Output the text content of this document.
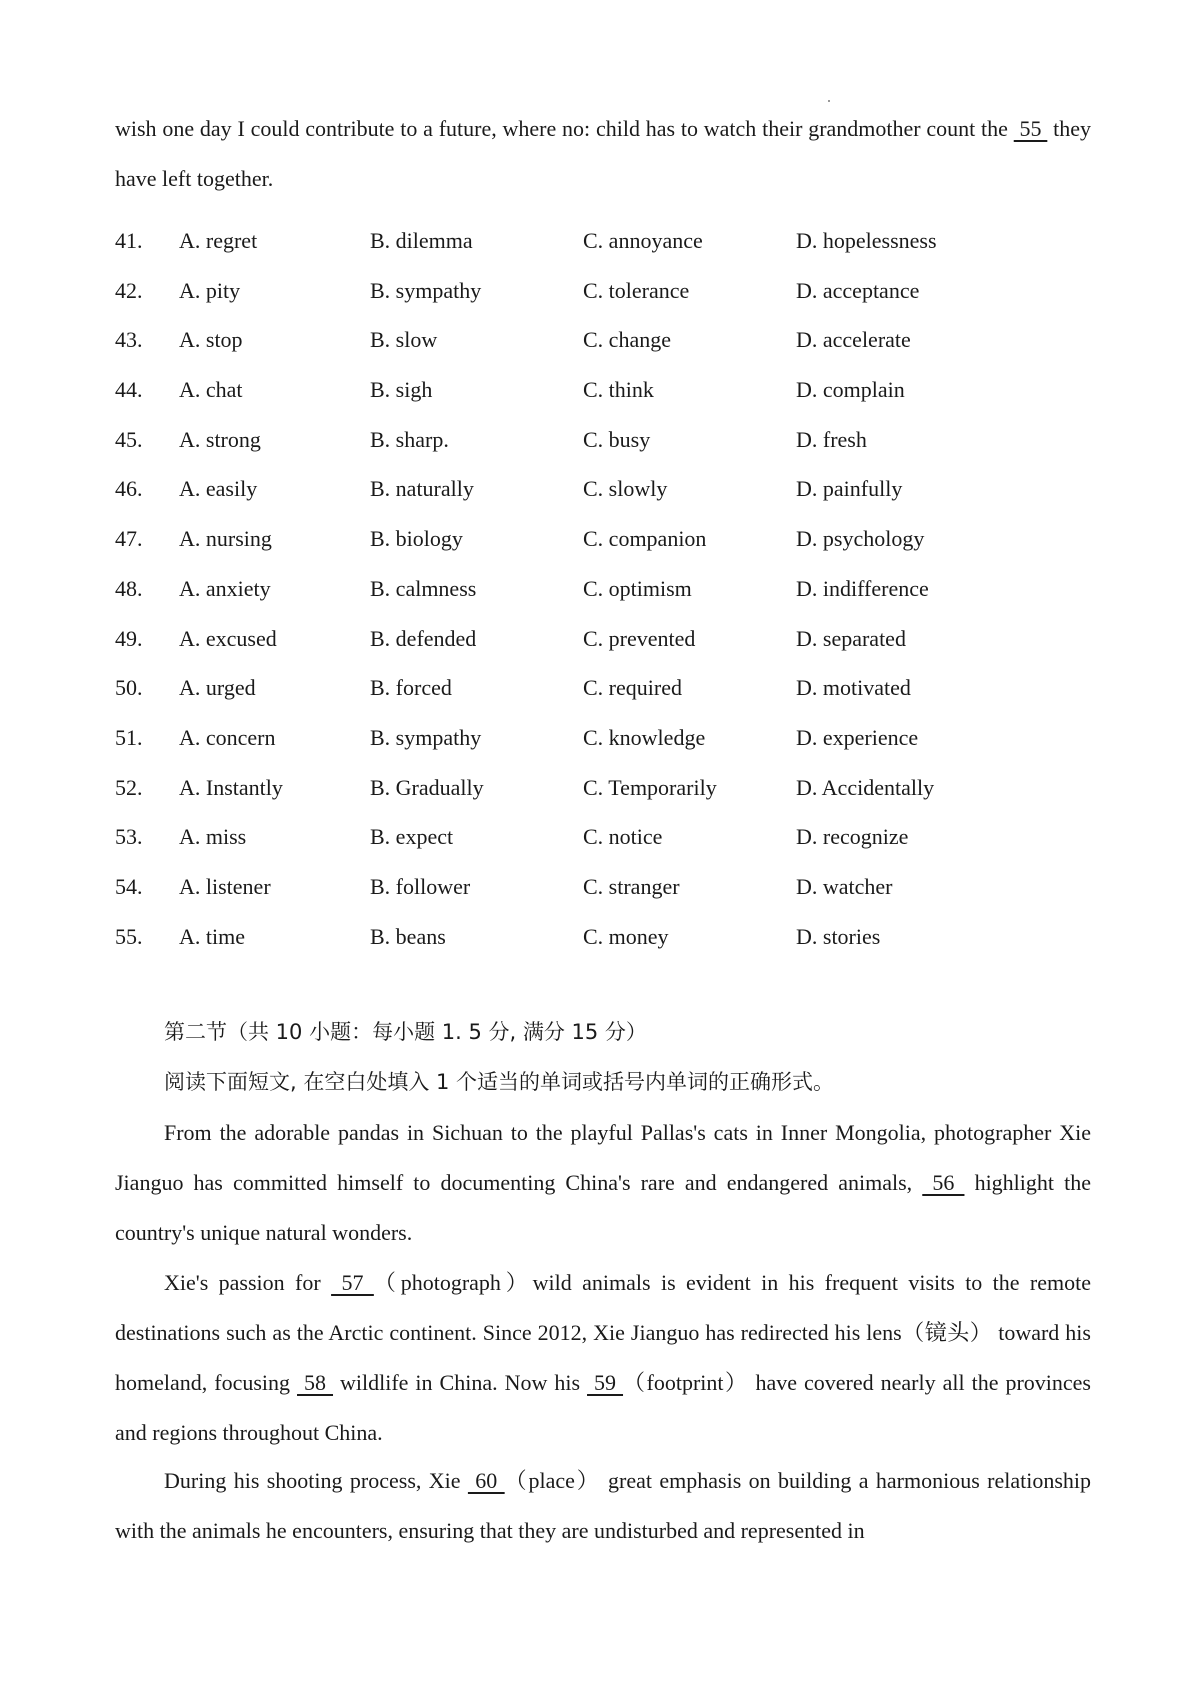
wish one day I could contribute to a future, where no: child has to watch their grandmother count the  55  they have left together.
41. A. regret	B. dilemma	C. annoyance	D. hopelessness
42. A. pity	B. sympathy	C. tolerance	D. acceptance
43. A. stop	B. slow	C. change	D. accelerate
44. A. chat	B. sigh	C. think	D. complain
45. A. strong	B. sharp.	C. busy	D. fresh
46. A. easily	B. naturally	C. slowly	D. painfully
47. A. nursing	B. biology	C. companion	D. psychology
48. A. anxiety	B. calmness	C. optimism	D. indifference
49. A. excused	B. defended	C. prevented	D. separated
50. A. urged	B. forced	C. required	D. motivated
51. A. concern	B. sympathy	C. knowledge	D. experience
52. A. Instantly	B. Gradually	C. Temporarily	D. Accidentally
53. A. miss	B. expect	C. notice	D. recognize
54. A. listener	B. follower	C. stranger	D. watcher
55. A. time	B. beans	C. money	D. stories
第二节（共 10 小题：每小题 1. 5 分, 满分 15 分）
阅读下面短文, 在空白处填入 1 个适当的单词或括号内单词的正确形式。
From the adorable pandas in Sichuan to the playful Pallas's cats in Inner Mongolia, photographer Xie Jianguo has committed himself to documenting China's rare and endangered animals,  56  highlight the country's unique natural wonders.
Xie's passion for  57 （photograph）wild animals is evident in his frequent visits to the remote destinations such as the Arctic continent. Since 2012, Xie Jianguo has redirected his lens（镜头） toward his homeland, focusing  58  wildlife in China. Now his  59 （footprint） have covered nearly all the provinces and regions throughout China.
During his shooting process, Xie  60 （place） great emphasis on building a harmonious relationship with the animals he encounters, ensuring that they are undisturbed and represented in
